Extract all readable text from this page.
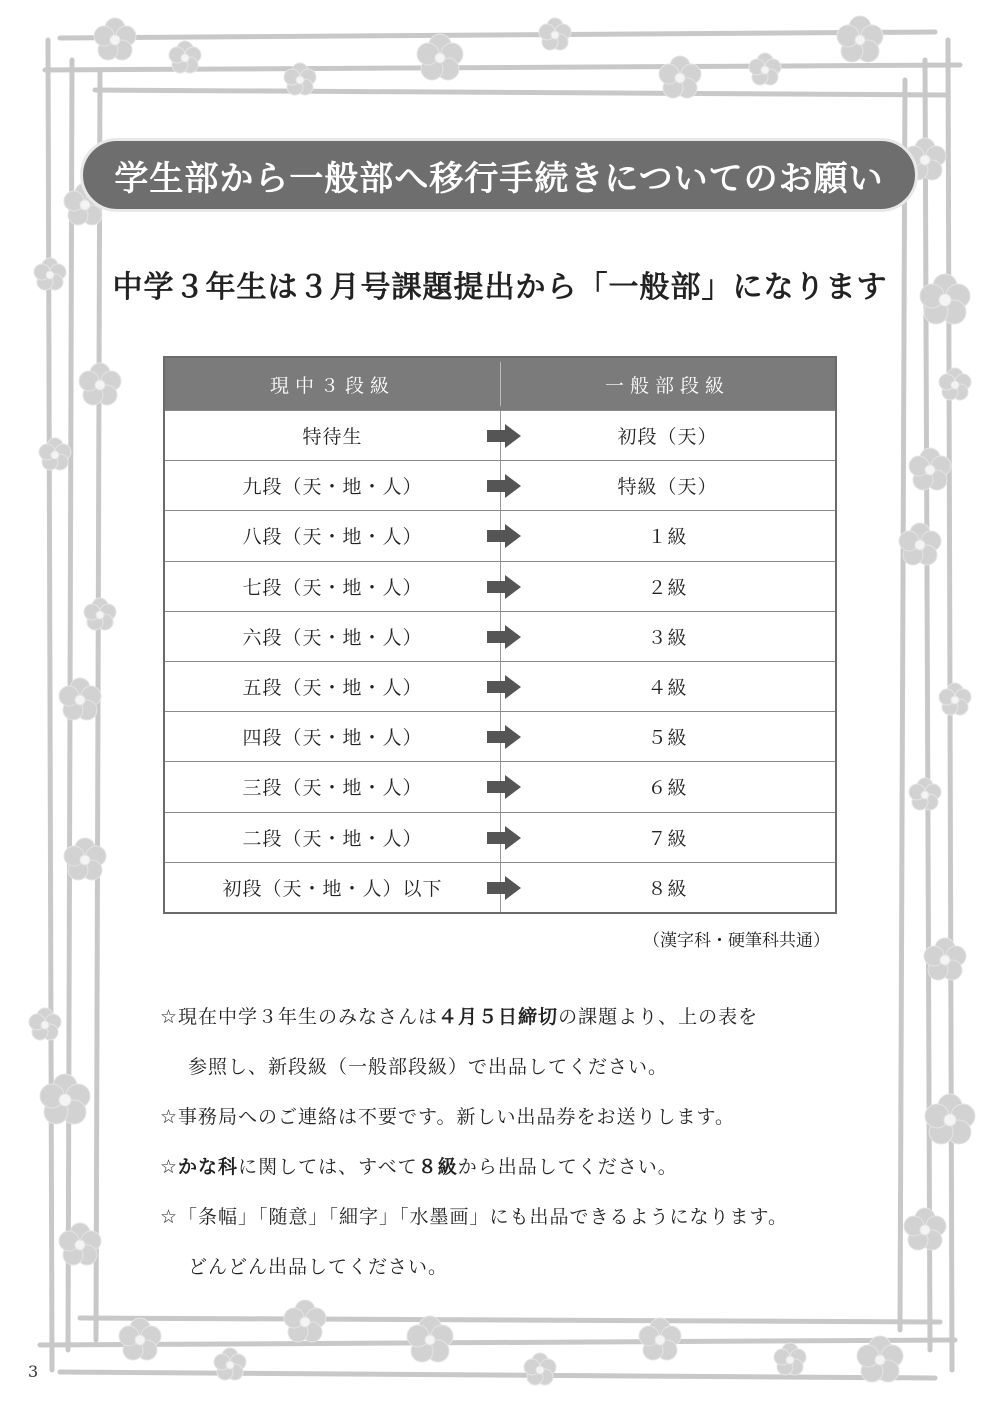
学生部から一般部へ移行手続きについてのお願い
中学３年生は３月号課題提出から「一般部」になります
現中３段級	一般部段級
特待生	初段（天）
九段（天・地・人）	特級（天）
八段（天・地・人）	１級
七段（天・地・人）	２級
六段（天・地・人）	３級
五段（天・地・人）	４級
四段（天・地・人）	５級
三段（天・地・人）	６級
二段（天・地・人）	７級
初段（天・地・人）以下	８級
（漢字科・硬筆科共通）
☆現在中学３年生のみなさんは４月５日締切の課題より、上の表を
参照し、新段級（一般部段級）で出品してください。
☆事務局へのご連絡は不要です。新しい出品券をお送りします。
☆かな科に関しては、すべて８級から出品してください。
☆「条幅」「随意」「細字」「水墨画」にも出品できるようになります。
どんどん出品してください。
3
